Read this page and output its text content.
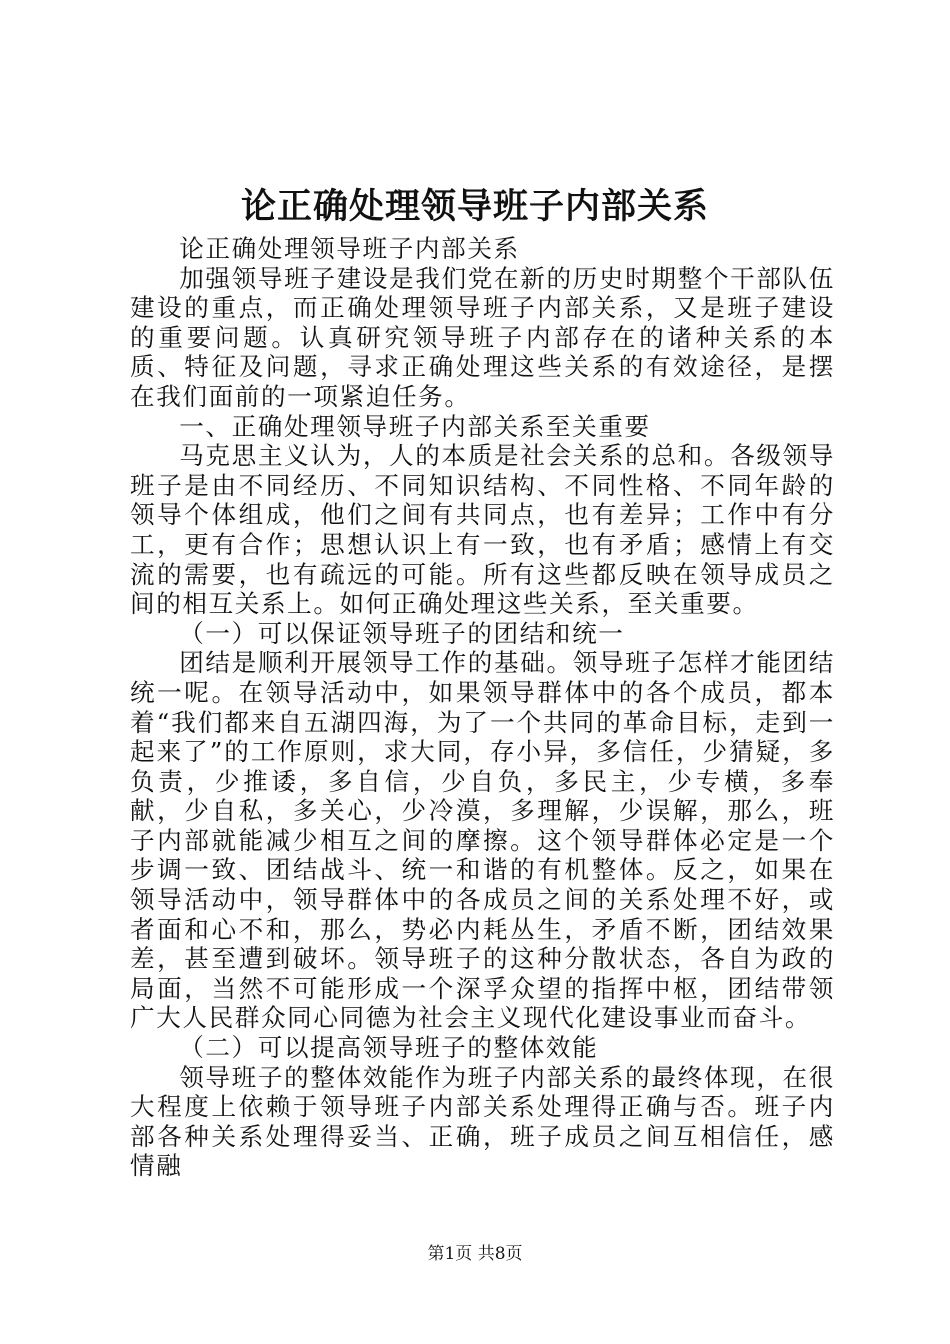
论正确处理领导班子内部关系

论正确处理领导班子内部关系

加强领导班子建设是我们党在新的历史时期整个干部队伍建设的重点，而正确处理领导班子内部关系，又是班子建设的重要问题。认真研究领导班子内部存在的诸种关系的本质、特征及问题，寻求正确处理这些关系的有效途径，是摆在我们面前的一项紧迫任务。

一、正确处理领导班子内部关系至关重要

马克思主义认为，人的本质是社会关系的总和。各级领导班子是由不同经历、不同知识结构、不同性格、不同年龄的领导个体组成，他们之间有共同点，也有差异；工作中有分工，更有合作；思想认识上有一致，也有矛盾；感情上有交流的需要，也有疏远的可能。所有这些都反映在领导成员之间的相互关系上。如何正确处理这些关系，至关重要。

（一）可以保证领导班子的团结和统一

团结是顺利开展领导工作的基础。领导班子怎样才能团结统一呢。在领导活动中，如果领导群体中的各个成员，都本着“我们都来自五湖四海，为了一个共同的革命目标，走到一起来了”的工作原则，求大同，存小异，多信任，少猜疑，多负责，少推诿，多自信，少自负，多民主，少专横，多奉献，少自私，多关心，少冷漠，多理解，少误解，那么，班子内部就能减少相互之间的摩擦。这个领导群体必定是一个步调一致、团结战斗、统一和谐的有机整体。反之，如果在领导活动中，领导群体中的各成员之间的关系处理不好，或者面和心不和，那么，势必内耗丛生，矛盾不断，团结效果差，甚至遭到破坏。领导班子的这种分散状态，各自为政的局面，当然不可能形成一个深孚众望的指挥中枢，团结带领广大人民群众同心同德为社会主义现代化建设事业而奋斗。

（二）可以提高领导班子的整体效能

领导班子的整体效能作为班子内部关系的最终体现，在很大程度上依赖于领导班子内部关系处理得正确与否。班子内部各种关系处理得妥当、正确，班子成员之间互相信任，感情融

第1页 共8页
